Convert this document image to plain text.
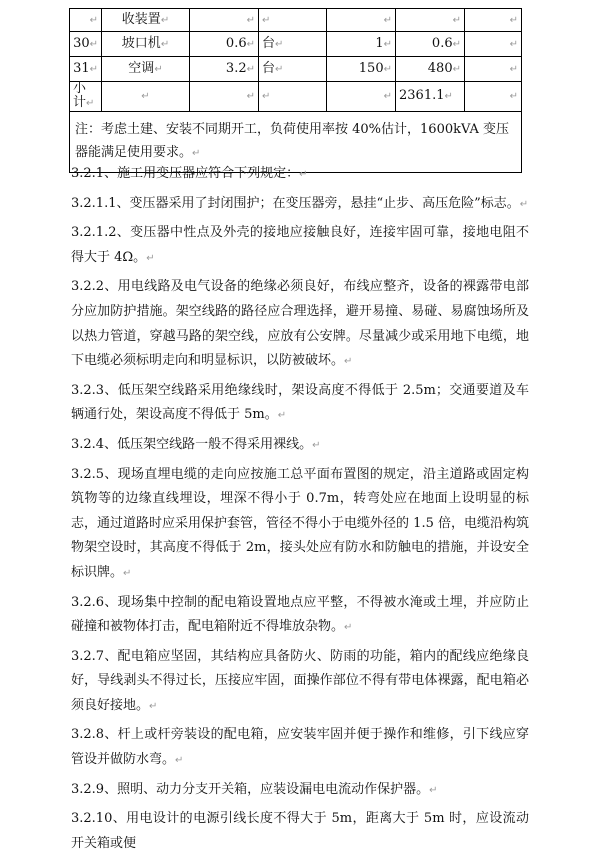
↵	收装置↵	↵	↵	↵	↵	↵
30↵	坡口机↵	0.6↵	台↵	1↵	0.6↵	↵
31↵	空调↵	3.2↵	台↵	150↵	480↵	↵
小计↵	↵	↵	↵	↵	2361.1↵	↵
注：考虑土建、安装不同期开工，负荷使用率按 40%估计，1600kVA 变压器能满足使用要求。↵						

3.2.1、施工用变压器应符合下列规定：↵

3.2.1.1、变压器采用了封闭围护；在变压器旁，悬挂“止步、高压危险”标志。↵

3.2.1.2、变压器中性点及外壳的接地应接触良好，连接牢固可靠，接地电阻不得大于 4Ω。↵

3.2.2、用电线路及电气设备的绝缘必须良好，布线应整齐，设备的裸露带电部分应加防护措施。架空线路的路径应合理选择，避开易撞、易碰、易腐蚀场所及以热力管道，穿越马路的架空线，应放有公安牌。尽量减少或采用地下电缆，地下电缆必须标明走向和明显标识，以防被破坏。↵

3.2.3、低压架空线路采用绝缘线时，架设高度不得低于 2.5m；交通要道及车辆通行处，架设高度不得低于 5m。↵

3.2.4、低压架空线路一般不得采用裸线。↵

3.2.5、现场直埋电缆的走向应按施工总平面布置图的规定，沿主道路或固定构筑物等的边缘直线埋设，埋深不得小于 0.7m，转弯处应在地面上设明显的标志，通过道路时应采用保护套管，管径不得小于电缆外径的 1.5 倍，电缆沿构筑物架空设时，其高度不得低于 2m，接头处应有防水和防触电的措施，并设安全标识牌。↵

3.2.6、现场集中控制的配电箱设置地点应平整，不得被水淹或土埋，并应防止碰撞和被物体打击，配电箱附近不得堆放杂物。↵

3.2.7、配电箱应坚固，其结构应具备防火、防雨的功能，箱内的配线应绝缘良好，导线剥头不得过长，压接应牢固，面操作部位不得有带电体裸露，配电箱必须良好接地。↵

3.2.8、杆上或杆旁装设的配电箱，应安装牢固并便于操作和维修，引下线应穿管设并做防水弯。↵

3.2.9、照明、动力分支开关箱，应装设漏电电流动作保护器。↵

3.2.10、用电设计的电源引线长度不得大于 5m，距离大于 5m 时，应设流动开关箱或便
